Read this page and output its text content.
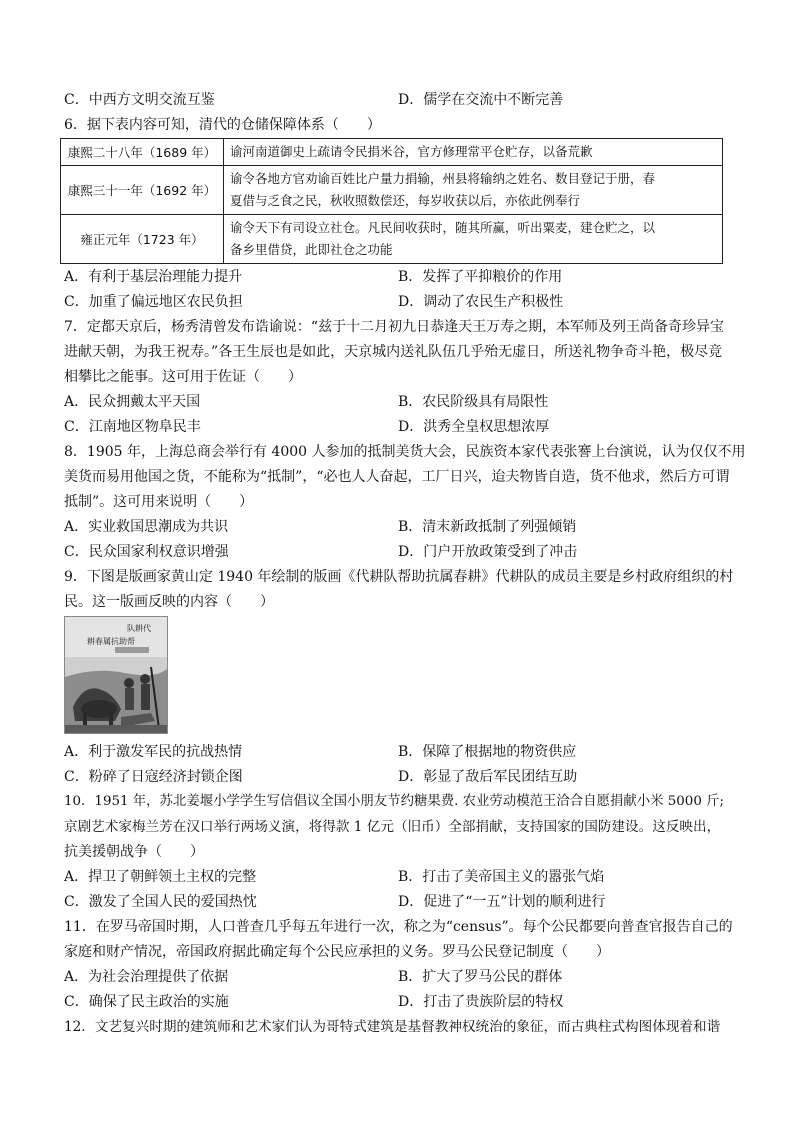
C．中西方文明交流互鉴	D．儒学在交流中不断完善
6．据下表内容可知，清代的仓储保障体系（　　）
康熙二十八年（1689 年）	谕河南道御史上疏请令民捐米谷，官方修理常平仓贮存，以备荒歉
康熙三十一年（1692 年）	谕令各地方官劝谕百姓比户量力捐输，州县将输纳之姓名、数目登记于册，春
夏借与乏食之民，秋收照数偿还，每岁收获以后，亦依此例奉行
雍正元年（1723 年）	谕令天下有司设立社仓。凡民间收获时，随其所赢，听出粟麦，建仓贮之，以
备乡里借贷，此即社仓之功能
A．有利于基层治理能力提升	B．发挥了平抑粮价的作用
C．加重了偏远地区农民负担	D．调动了农民生产积极性
7．定都天京后，杨秀清曾发布诰谕说：“兹于十二月初九日恭逢天王万寿之期，本军师及列王尚备奇珍异宝
进献天朝，为我王祝寿。”各王生辰也是如此，天京城内送礼队伍几乎殆无虚日，所送礼物争奇斗艳，极尽竞
相攀比之能事。这可用于佐证（　　）
A．民众拥戴太平天国	B．农民阶级具有局限性
C．江南地区物阜民丰	D．洪秀全皇权思想浓厚
8．1905 年，上海总商会举行有 4000 人参加的抵制美货大会，民族资本家代表张謇上台演说，认为仅仅不用
美货而易用他国之货，不能称为“抵制”，“必也人人奋起，工厂日兴，迨夫物皆自造，货不他求，然后方可谓
抵制”。这可用来说明（　　）
A．实业救国思潮成为共识	B．清末新政抵制了列强倾销
C．民众国家利权意识增强	D．门户开放政策受到了冲击
9．下图是版画家黄山定 1940 年绘制的版画《代耕队帮助抗属春耕》代耕队的成员主要是乡村政府组织的村
民。这一版画反映的内容（　　）
队耕代
耕春属抗助帮
A．利于激发军民的抗战热情	B．保障了根据地的物资供应
C．粉碎了日寇经济封锁企图	D．彰显了敌后军民团结互助
10．1951 年，苏北姜堰小学学生写信倡议全国小朋友节约糖果费. 农业劳动模范王洽合自愿捐献小米 5000 斤;
京剧艺术家梅兰芳在汉口举行两场义演，将得款 1 亿元（旧币）全部捐献，支持国家的国防建设。这反映出，
抗美援朝战争（　　）
A．捍卫了朝鲜领土主权的完整	B．打击了美帝国主义的嚣张气焰
C．激发了全国人民的爱国热忱	D．促进了“一五”计划的顺利进行
11．在罗马帝国时期，人口普查几乎每五年进行一次，称之为“census”。每个公民都要向普查官报告自己的
家庭和财产情况，帝国政府据此确定每个公民应承担的义务。罗马公民登记制度（　　）
A．为社会治理提供了依据	B．扩大了罗马公民的群体
C．确保了民主政治的实施	D．打击了贵族阶层的特权
12．文艺复兴时期的建筑师和艺术家们认为哥特式建筑是基督教神权统治的象征，而古典柱式构图体现着和谐
